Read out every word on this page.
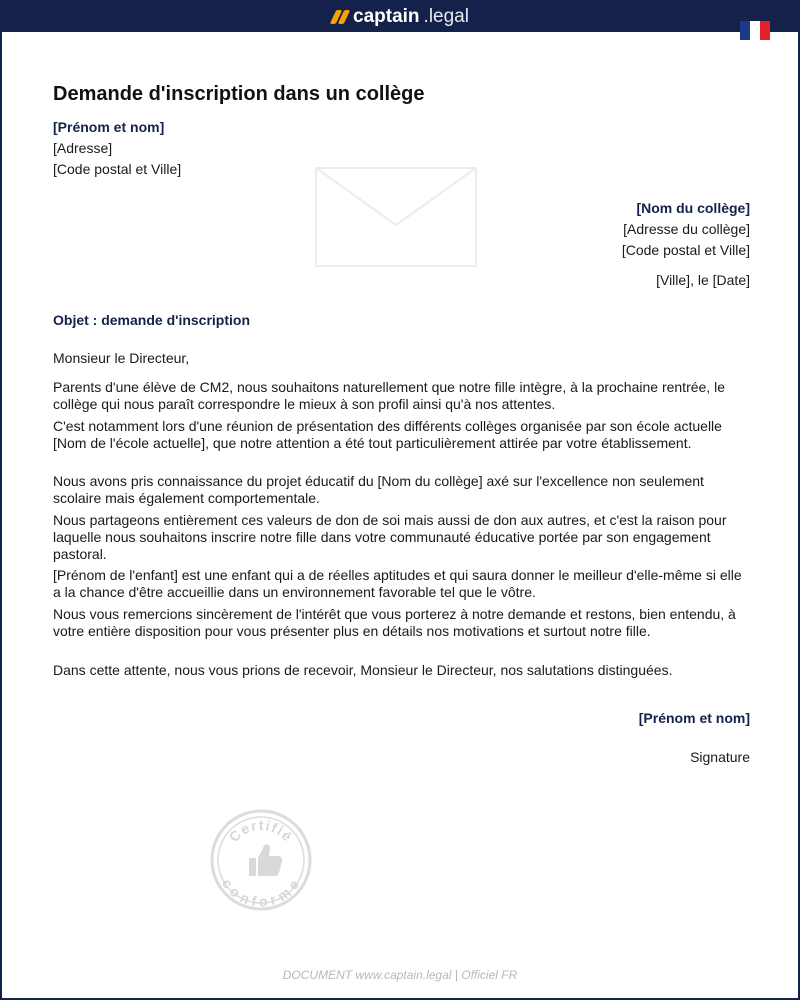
captain .legal
Demande d'inscription dans un collège
[Prénom et nom]
[Adresse]
[Code postal et Ville]
[Nom du collège]
[Adresse du collège]
[Code postal et Ville]
[Ville], le [Date]
Objet : demande d'inscription
Monsieur le Directeur,

Parents d'une élève de CM2, nous souhaitons naturellement que notre fille intègre, à la prochaine rentrée, le collège qui nous paraît correspondre le mieux à son profil ainsi qu'à nos attentes.

C'est notamment lors d'une réunion de présentation des différents collèges organisée par son école actuelle [Nom de l'école actuelle], que notre attention a été tout particulièrement attirée par votre établissement.

Nous avons pris connaissance du projet éducatif du [Nom du collège] axé sur l'excellence non seulement scolaire mais également comportementale.

Nous partageons entièrement ces valeurs de don de soi mais aussi de don aux autres, et c'est la raison pour laquelle nous souhaitons inscrire notre fille dans votre communauté éducative portée par son engagement pastoral.

[Prénom de l'enfant] est une enfant qui a de réelles aptitudes et qui saura donner le meilleur d'elle-même si elle a la chance d'être accueillie dans un environnement favorable tel que le vôtre.

Nous vous remercions sincèrement de l'intérêt que vous porterez à notre demande et restons, bien entendu, à votre entière disposition pour vous présenter plus en détails nos motivations et surtout notre fille.

Dans cette attente, nous vous prions de recevoir, Monsieur le Directeur, nos salutations distinguées.

[Prénom et nom]
Signature
Certifié
conforme
DOCUMENT www.captain.legal | Officiel FR
